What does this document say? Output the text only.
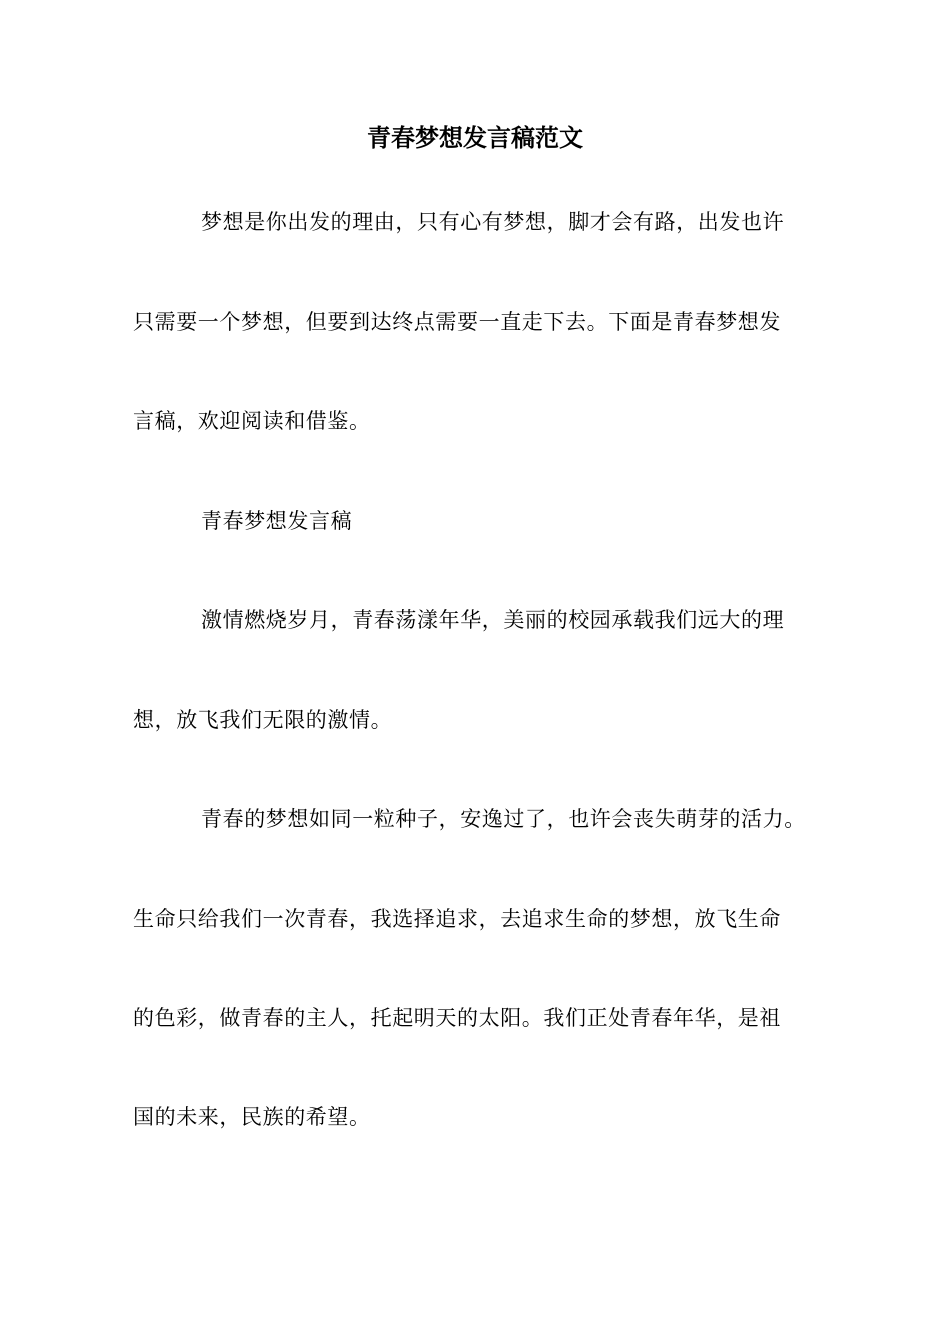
青春梦想发言稿范文
梦想是你出发的理由，只有心有梦想，脚才会有路，出发也许
只需要一个梦想，但要到达终点需要一直走下去。下面是青春梦想发
言稿，欢迎阅读和借鉴。
青春梦想发言稿
激情燃烧岁月，青春荡漾年华，美丽的校园承载我们远大的理
想，放飞我们无限的激情。
青春的梦想如同一粒种子，安逸过了，也许会丧失萌芽的活力。
生命只给我们一次青春，我选择追求，去追求生命的梦想，放飞生命
的色彩，做青春的主人，托起明天的太阳。我们正处青春年华，是祖
国的未来，民族的希望。
